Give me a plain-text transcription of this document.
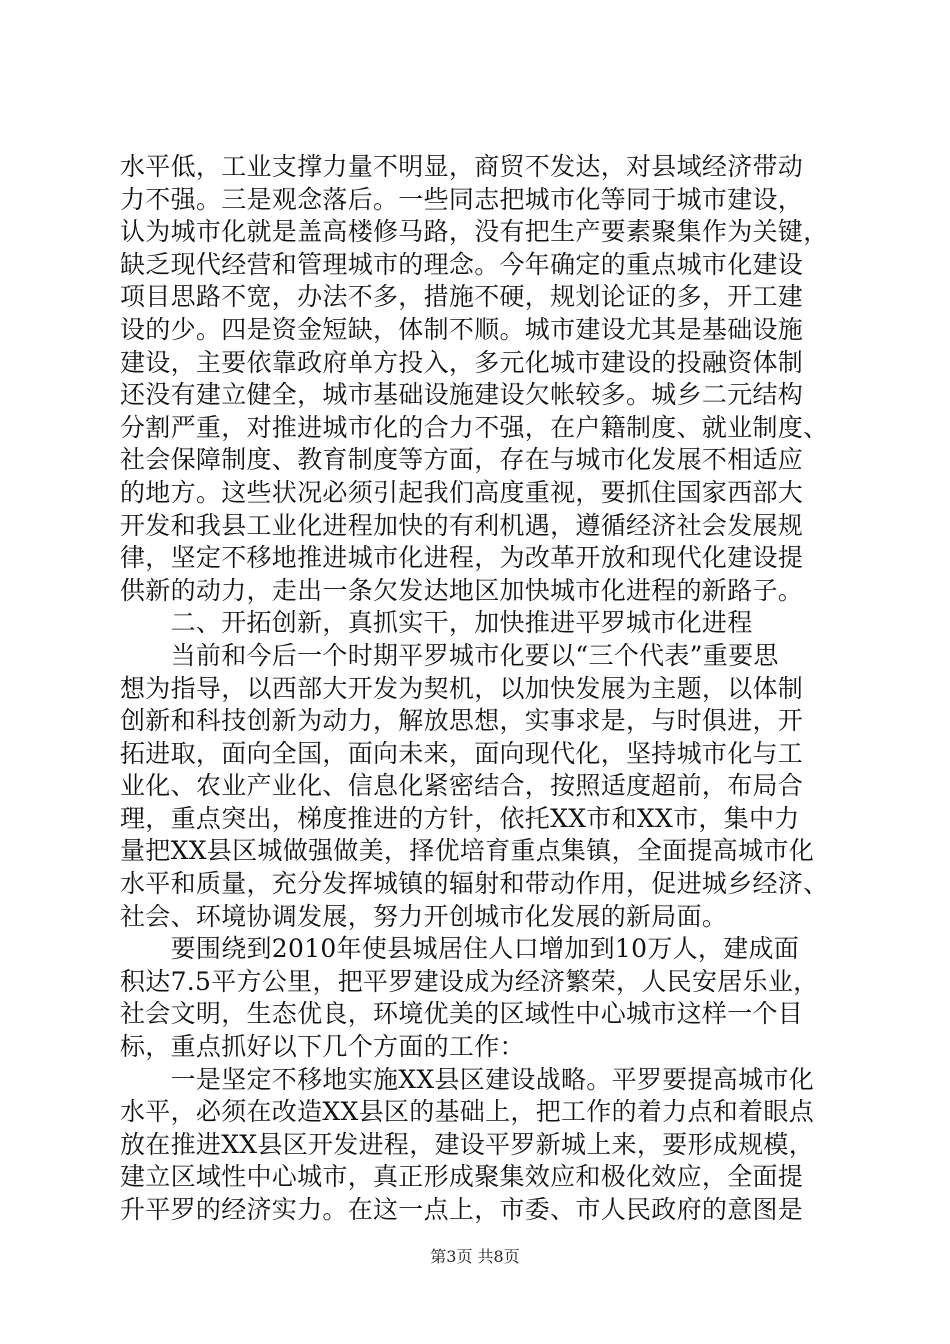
水平低，工业支撑力量不明显，商贸不发达，对县域经济带动
力不强。三是观念落后。一些同志把城市化等同于城市建设，
认为城市化就是盖高楼修马路，没有把生产要素聚集作为关键，
缺乏现代经营和管理城市的理念。今年确定的重点城市化建设
项目思路不宽，办法不多，措施不硬，规划论证的多，开工建
设的少。四是资金短缺，体制不顺。城市建设尤其是基础设施
建设，主要依靠政府单方投入，多元化城市建设的投融资体制
还没有建立健全，城市基础设施建设欠帐较多。城乡二元结构
分割严重，对推进城市化的合力不强，在户籍制度、就业制度、
社会保障制度、教育制度等方面，存在与城市化发展不相适应
的地方。这些状况必须引起我们高度重视，要抓住国家西部大
开发和我县工业化进程加快的有利机遇，遵循经济社会发展规
律，坚定不移地推进城市化进程，为改革开放和现代化建设提
供新的动力，走出一条欠发达地区加快城市化进程的新路子。
　　二、开拓创新，真抓实干，加快推进平罗城市化进程
　　当前和今后一个时期平罗城市化要以“三个代表”重要思
想为指导，以西部大开发为契机，以加快发展为主题，以体制
创新和科技创新为动力，解放思想，实事求是，与时俱进，开
拓进取，面向全国，面向未来，面向现代化，坚持城市化与工
业化、农业产业化、信息化紧密结合，按照适度超前，布局合
理，重点突出，梯度推进的方针，依托XX市和XX市，集中力
量把XX县区城做强做美，择优培育重点集镇，全面提高城市化
水平和质量，充分发挥城镇的辐射和带动作用，促进城乡经济、
社会、环境协调发展，努力开创城市化发展的新局面。
　　要围绕到2010年使县城居住人口增加到10万人，建成面
积达7.5平方公里，把平罗建设成为经济繁荣，人民安居乐业，
社会文明，生态优良，环境优美的区域性中心城市这样一个目
标，重点抓好以下几个方面的工作：
　　一是坚定不移地实施XX县区建设战略。平罗要提高城市化
水平，必须在改造XX县区的基础上，把工作的着力点和着眼点
放在推进XX县区开发进程，建设平罗新城上来，要形成规模，
建立区域性中心城市，真正形成聚集效应和极化效应，全面提
升平罗的经济实力。在这一点上，市委、市人民政府的意图是
第3页 共8页
